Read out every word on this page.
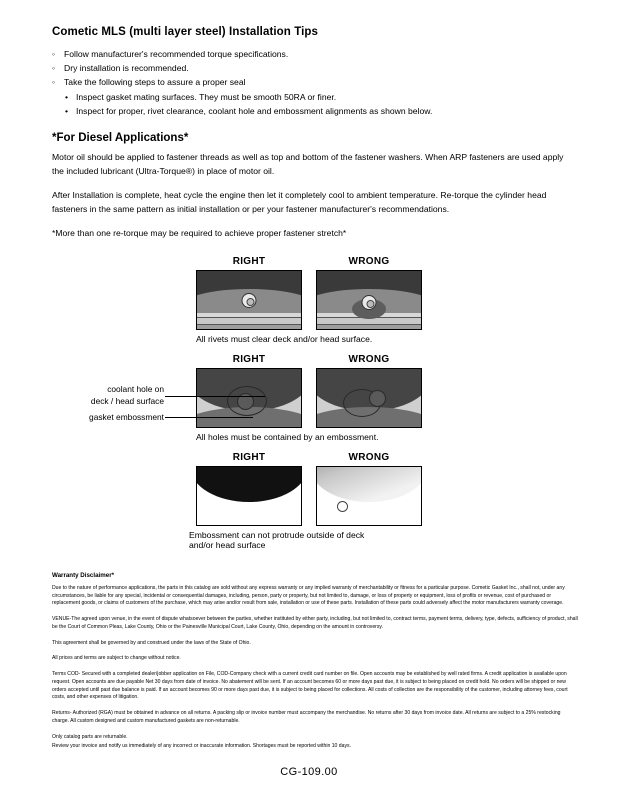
Cometic MLS (multi layer steel) Installation Tips
◦ Follow manufacturer's recommended torque specifications.
◦ Dry installation is recommended.
◦ Take the following steps to assure a proper seal
• Inspect gasket mating surfaces. They must be smooth 50RA or finer.
• Inspect for proper, rivet clearance, coolant hole and embossment alignments as shown below.
*For Diesel Applications*

Motor oil should be applied to fastener threads as well as top and bottom of the fastener washers. When ARP fasteners are used apply the included lubricant (Ultra-Torque®) in place of motor oil.

After Installation is complete, heat cycle the engine then let it completely cool to ambient temperature. Re-torque the cylinder head fasteners in the same pattern as initial installation or per your fastener manufacturer's recommendations.

*More than one re-torque may be required to achieve proper fastener stretch*

RIGHT	WRONG

All rivets must clear deck and/or head surface.

RIGHT	WRONG
coolant hole on
deck / head surface
gasket embossment

All holes must be contained by an embossment.

RIGHT	WRONG

Embossment can not protrude outside of deck

and/or head surface

Warranty Disclaimer*

Due to the nature of performance applications, the parts in this catalog are sold without any express warranty or any implied warranty of merchantability or fitness for a particular purpose. Cometic Gasket Inc., shall not, under any circumstances, be liable for any special, incidental or consequential damages, including, person, party or property, but not limited to, damage, or loss of property or equipment, loss of profits or revenue, cost of purchased or replacement goods, or claims of customers of the purchase, which may arise and/or result from sale, installation or use of these parts. Installation of these parts could adversely affect the motor manufacturers warranty coverage.

VENUE-The agreed upon venue, in the event of dispute whatsoever between the parties, whether instituted by either party, including, but not limited to, contract terms, payment terms, delivery, type, defects, sufficiency of product, shall be the Court of Common Pleas, Lake County, Ohio or the Painesville Municipal Court, Lake County, Ohio, depending on the amount in controversy.

This agreement shall be governed by and construed under the laws of the State of Ohio.

All prices and terms are subject to change without notice.

Terms COD- Secured with a completed dealer/jobber application on File, COD-Company check with a current credit card number on file. Open accounts may be established by well rated firms. A credit application is available upon request. Open accounts are due payable Net 30 days from date of invoice. No abatement will be sent. If an account becomes 60 or more days past due, it is subject to being placed on credit hold. No orders will be shipped or new orders accepted until past due balance is paid. If an account becomes 90 or more days past due, it is subject to being placed for collections. All costs of collection are the responsibility of the customer, including attorney fees, court costs, and other expenses of litigation.

Returns- Authorized (RGA) must be obtained in advance on all returns. A packing slip or invoice number must accompany the merchandise. No returns after 30 days from invoice date. All returns are subject to a 25% restocking charge. All custom designed and custom manufactured gaskets are non-returnable.

Only catalog parts are returnable.

Review your invoice and notify us immediately of any incorrect or inaccurate information. Shortages must be reported within 10 days.

CG-109.00
